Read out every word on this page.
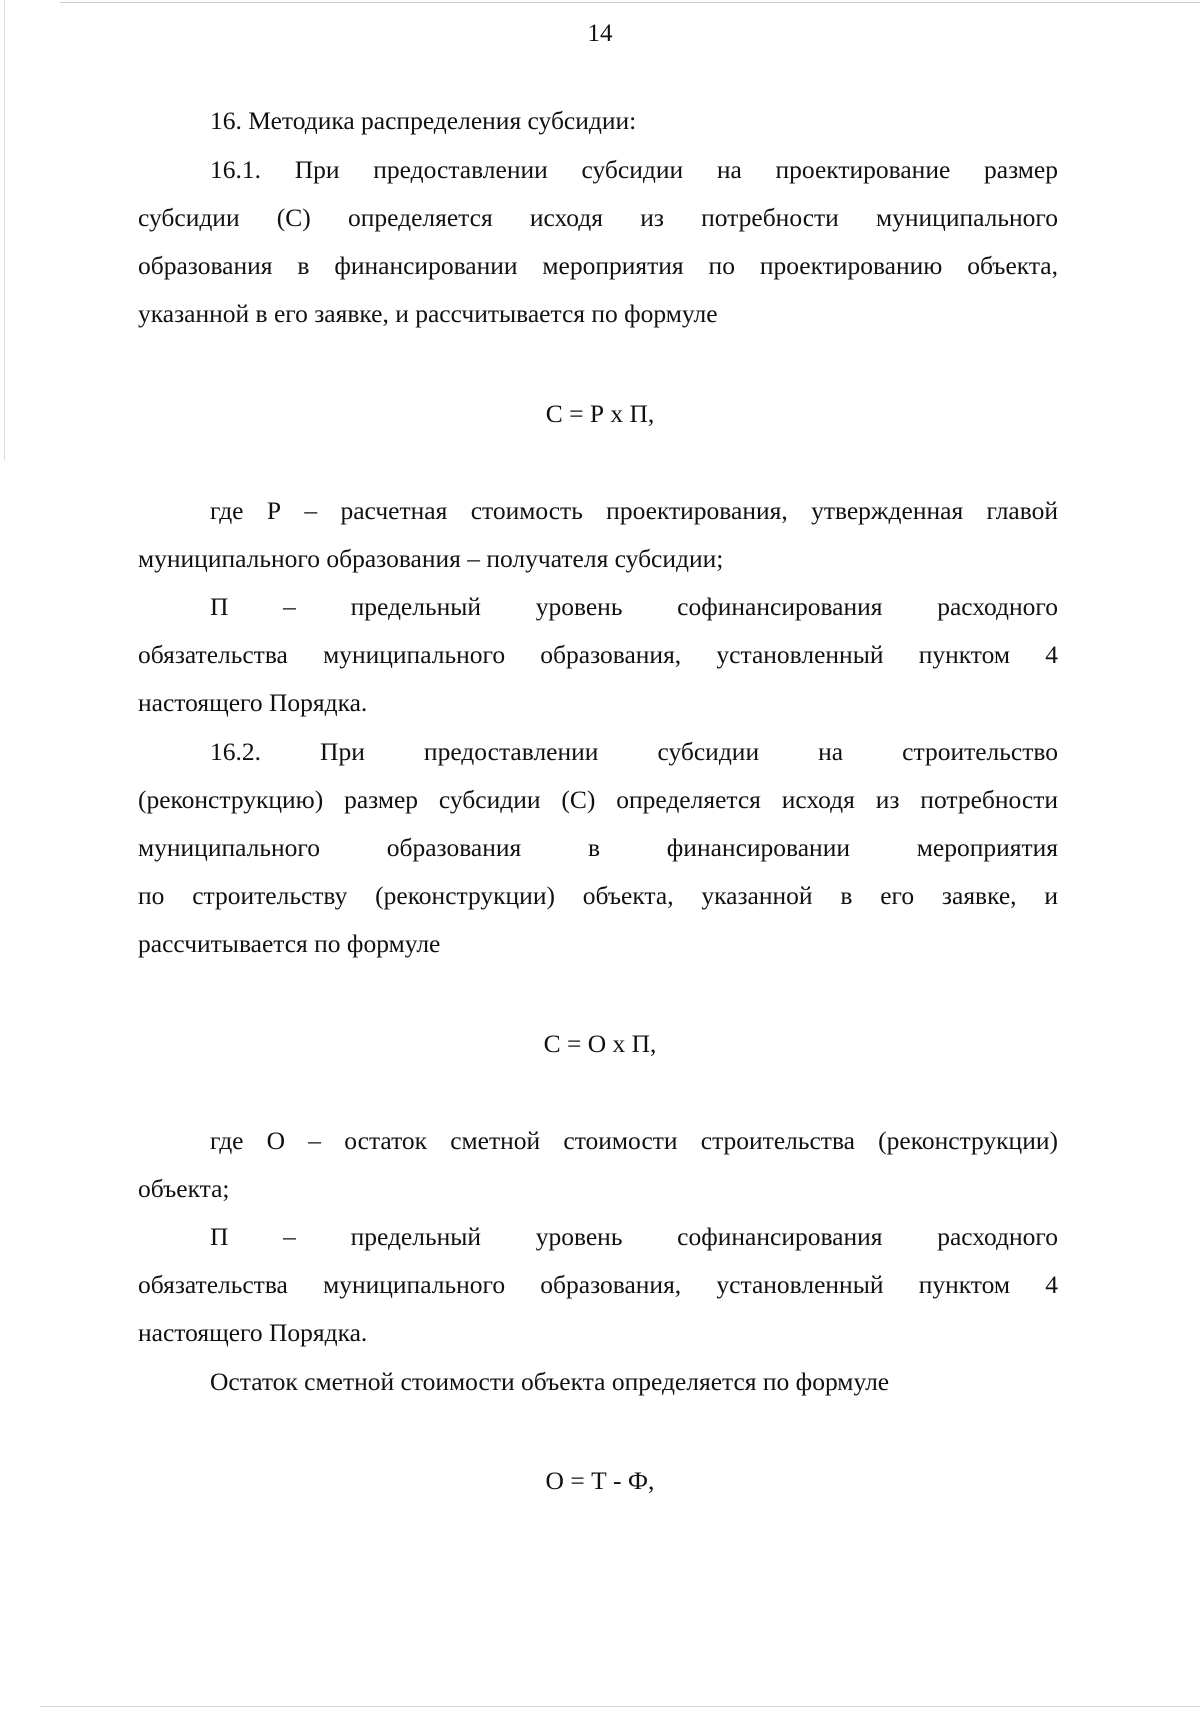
14
16. Методика распределения субсидии:
16.1. При предоставлении субсидии на проектирование размер
субсидии (С) определяется исходя из потребности муниципального
образования в финансировании мероприятия по проектированию объекта,
указанной в его заявке, и рассчитывается по формуле
С = Р х П,
где Р – расчетная стоимость проектирования, утвержденная главой
муниципального образования – получателя субсидии;
П – предельный уровень софинансирования расходного
обязательства муниципального образования, установленный пунктом 4
настоящего Порядка.
16.2. При предоставлении субсидии на строительство
(реконструкцию) размер субсидии (С) определяется исходя из потребности
муниципального образования в финансировании мероприятия
по строительству (реконструкции) объекта, указанной в его заявке, и
рассчитывается по формуле
С = О х П,
где О – остаток сметной стоимости строительства (реконструкции)
объекта;
П – предельный уровень софинансирования расходного
обязательства муниципального образования, установленный пунктом 4
настоящего Порядка.
Остаток сметной стоимости объекта определяется по формуле
О = Т - Ф,
